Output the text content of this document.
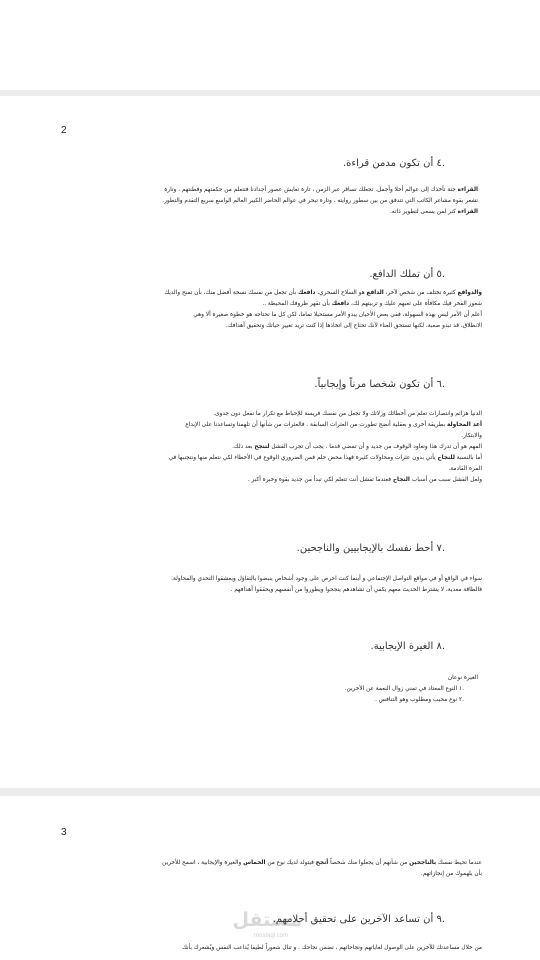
2
.٤ أن تكون مدمن قراءة.
القراءة جنة تأخذك إلى عوالم أحلا وأجمل. تجعلك تسافر عبر الزمن ، تارة تعايش عصور أجدادنا فتتعلم من حكمتهم وفطنتهم ، وتارة
تشعر بقوة مشاعر الكاتب التي تتدفق من بين سطور روايته ، وتارة تبحر في عوالم الحاضر الكبير العالم الواسع سريع التقدم والتطور.
القراءة كنز لمن يسعى لتطوير ذاته.
.٥ أن تملك الدافع.
والدوافع كثيرة تختلف من شخص لآخر، الدافع هو السلاح السحري، دافعك بأن تجعل من نفسك نسخة أفضل منك، بأن تمنح والديك
شعور الفخر فيك مكافأة على تعبهم عليك و تربيتهم لك، دافعك بأن تقهر ظروفك المحيطة ..
أعلم أن الأمر ليس بهذه السهولة، ففي بعض الأحيان يبدو الأمر مستحيلا تماما، لكن كل ما تحتاجه هو خطوة صغيرة ألا وهي
الانطلاق، قد تبدو صعبة، لكنها تستحق العناء لأنك تحتاج إلى اتخاذها إذا كنت تريد تغيير حياتك وتحقيق أهدافك.
.٦ أن تكون شخصا مرناً وإيجابياً.
الدنيا هزائم وانتصارات تعلم من أخطائك وزلاتك ولا تجعل من نفسك فريسة للإحباط مع تكرار ما تفعل دون جدوى.
أعد المحاولة بطريقة أخرى و بعقلية أنضج تطورت من العثرات السابقة . فالعثرات من شأنها أن تلهمنا وتساعدنا على الإبداع
والابتكار.
المهم هو أن تدرك هذا وتعاود الوقوف من جديد و أن تمضي قدما . يجب أن تجرب الفشل لتنجح بعد ذلك.
أما بالنسبة للنجاح يأتي بدون عثرات ومحاولات كثيرة فهذا محض حلم فمن الضروري الوقوع في الأخطاء لكي نتعلم منها ونتجنبها في
المرة القادمة.
ولعل الفشل سبب من أسباب النجاح فعندما تفشل أنت تتعلم لكي تبدأ من جديد بقوة وخبرة أكبر .
.٧ أحط نفسك بالإيجابيين والناجحين.
سواء في الواقع أو في مواقع التواصل الإجتماعي و أينما كنت احرص على وجود أشخاص ينبضوا بالتفاؤل ويعشقوا التحدي والمحاولة.
فالطاقة معدية، لا يشترط الحديث معهم يكفي أن تشاهدهم ينجحوا ويطوروا من أنفسهم ويحققوا أهدافهم .
.٨ الغيرة الإيجابية.
الغيرة نوعان
.١ النوع المعتاد في تمني زوال النعمة عن الأخرين.
.٢ نوع محبب ومطلوب وهو التنافس .
3
عندما تحيط نفسك بالناجحين من شأنهم أن يجعلوا منك شخصاً أنجح فيتولد لديك نوع من الحماس والغيرة والإيجابية ، اسمح للأخرين
بأن يلهموك من إنجازاتهم.
مستقل
mostaql.com
.٩ أن تساعد الآخرين على تحقيق أحلامهم.
من خلال مساعدتك للآخرين على الوصول لغاياتهم وتجاحاتهم ، تضمن نجاحك . و تنال شعوراً لطيفا يُداعب النفس ويُشعرك بأنك
